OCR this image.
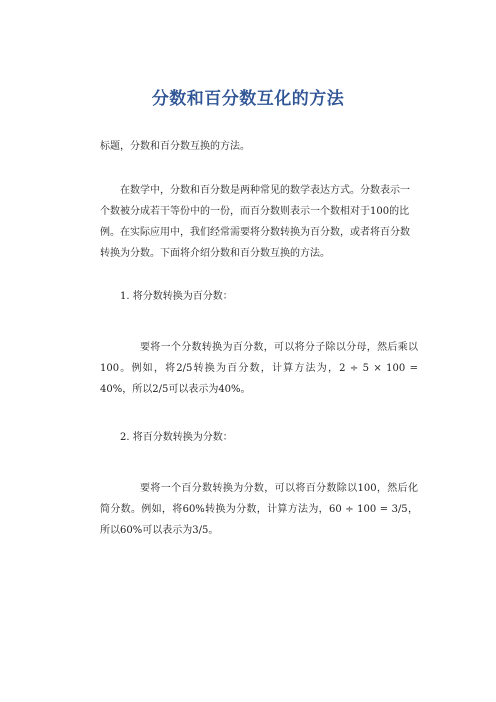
分数和百分数互化的方法

标题，分数和百分数互换的方法。

在数学中，分数和百分数是两种常见的数学表达方式。分数表示一个数被分成若干等份中的一份，而百分数则表示一个数相对于100的比例。在实际应用中，我们经常需要将分数转换为百分数，或者将百分数转换为分数。下面将介绍分数和百分数互换的方法。

1. 将分数转换为百分数：

要将一个分数转换为百分数，可以将分子除以分母，然后乘以100。例如，将2/5转换为百分数，计算方法为，2 ÷ 5 × 100 = 40%，所以2/5可以表示为40%。

2. 将百分数转换为分数：

要将一个百分数转换为分数，可以将百分数除以100，然后化简分数。例如，将60%转换为分数，计算方法为，60 ÷ 100 = 3/5，所以60%可以表示为3/5。
